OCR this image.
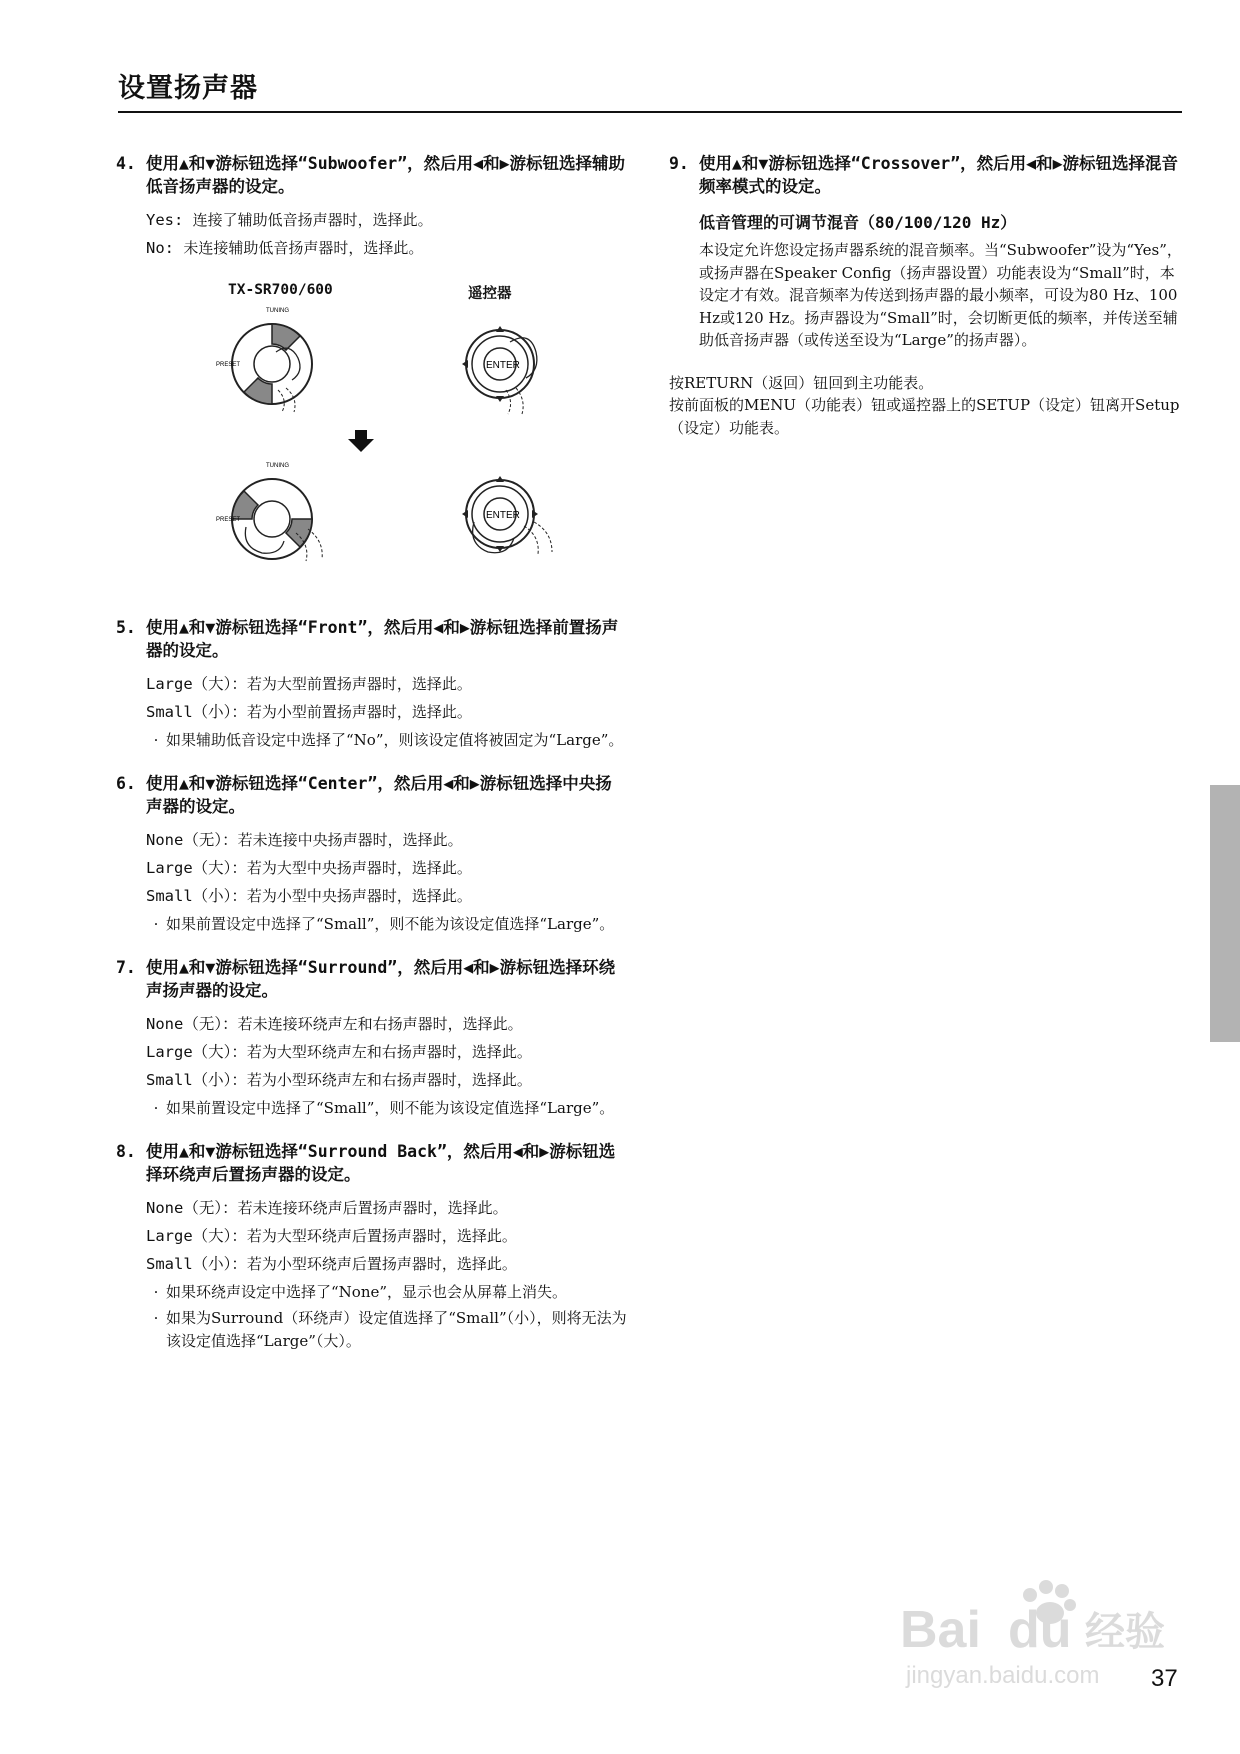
设置扬声器
4. 使用▲和▼游标钮选择“Subwoofer”，然后用◀和▶游标钮选择辅助低音扬声器的设定。
Yes: 连接了辅助低音扬声器时，选择此。
No: 未连接辅助低音扬声器时，选择此。
TX-SR700/600	遥控器
TUNING
PRESET	ENTER
TUNING
PRESET	ENTER
5. 使用▲和▼游标钮选择“Front”，然后用◀和▶游标钮选择前置扬声器的设定。
Large（大）：若为大型前置扬声器时，选择此。
Small（小）：若为小型前置扬声器时，选择此。
· 如果辅助低音设定中选择了“No”，则该设定值将被固定为“Large”。
6. 使用▲和▼游标钮选择“Center”，然后用◀和▶游标钮选择中央扬声器的设定。
None（无）：若未连接中央扬声器时，选择此。
Large（大）：若为大型中央扬声器时，选择此。
Small（小）：若为小型中央扬声器时，选择此。
· 如果前置设定中选择了“Small”，则不能为该设定值选择“Large”。
7. 使用▲和▼游标钮选择“Surround”，然后用◀和▶游标钮选择环绕声扬声器的设定。
None（无）：若未连接环绕声左和右扬声器时，选择此。
Large（大）：若为大型环绕声左和右扬声器时，选择此。
Small（小）：若为小型环绕声左和右扬声器时，选择此。
· 如果前置设定中选择了“Small”，则不能为该设定值选择“Large”。
8. 使用▲和▼游标钮选择“Surround Back”，然后用◀和▶游标钮选择环绕声后置扬声器的设定。
None（无）：若未连接环绕声后置扬声器时，选择此。
Large（大）：若为大型环绕声后置扬声器时，选择此。
Small（小）：若为小型环绕声后置扬声器时，选择此。
· 如果环绕声设定中选择了“None”，显示也会从屏幕上消失。
· 如果为Surround（环绕声）设定值选择了“Small”（小），则将无法为该设定值选择“Large”（大）。
9. 使用▲和▼游标钮选择“Crossover”，然后用◀和▶游标钮选择混音频率模式的设定。
低音管理的可调节混音（80/100/120 Hz）
本设定允许您设定扬声器系统的混音频率。当“Subwoofer”设为“Yes”，或扬声器在Speaker Config（扬声器设置）功能表设为“Small”时，本设定才有效。混音频率为传送到扬声器的最小频率，可设为80 Hz、100 Hz或120 Hz。扬声器设为“Small”时，会切断更低的频率，并传送至辅助低音扬声器（或传送至设为“Large”的扬声器）。
按RETURN（返回）钮回到主功能表。
按前面板的MENU（功能表）钮或遥控器上的SETUP（设定）钮离开Setup（设定）功能表。
Bai du 经验
jingyan.baidu.com 37
